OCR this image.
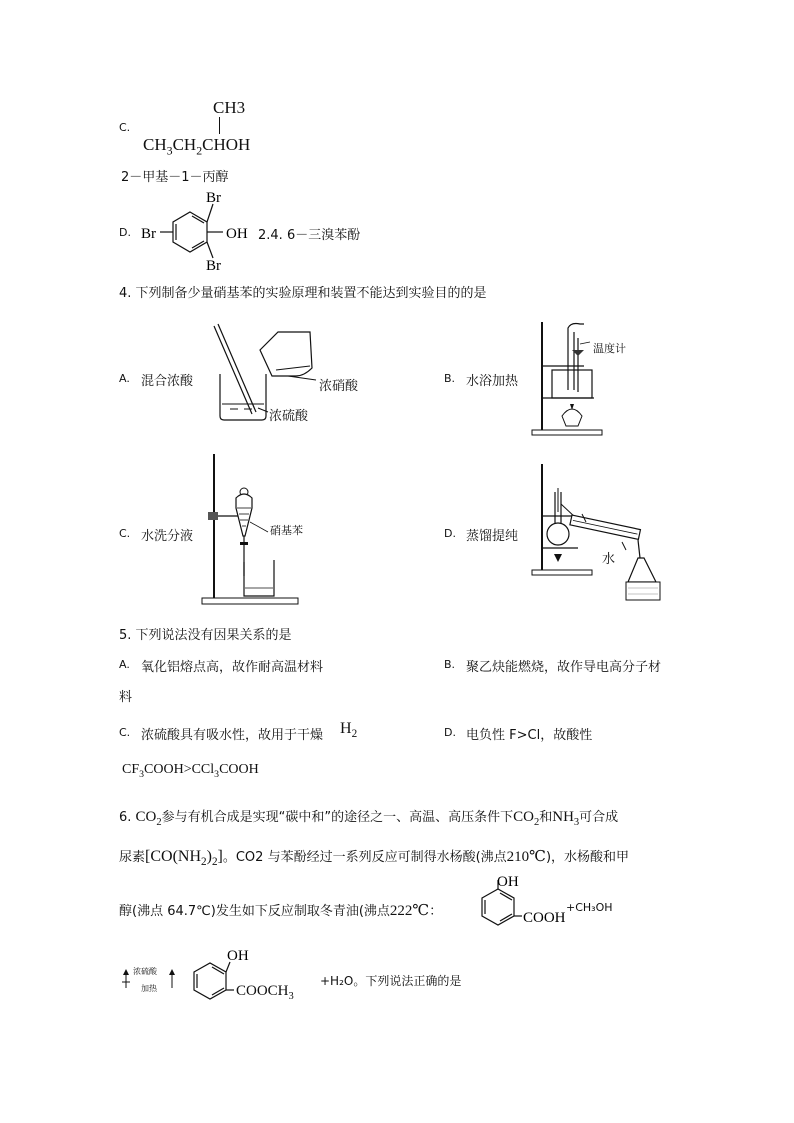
C.
CH3
$CH_3CH_2CHOH$
2－甲基－1－丙醇
D.
Br
Br	OH
Br
2.4. 6－三溴苯酚
4. 下列制备少量硝基苯的实验原理和装置不能达到实验目的的是
A. 混合浓酸	浓硝酸
浓硫酸
B. 水浴加热
温度计
C. 水洗分液	硝基苯	D. 蒸馏提纯
水
5. 下列说法没有因果关系的是
A. 氧化铝熔点高，故作耐高温材料	B. 聚乙炔能燃烧，故作导电高分子材
料
C. 浓硫酸具有吸水性，故用于干燥 $H_2$	D. 电负性 F>Cl，故酸性
$CF_3COOH>CCl_3COOH$
6. $CO_2$参与有机合成是实现“碳中和”的途径之一、高温、高压条件下$CO_2$和$NH_3$可合成
尿素$[CO(NH_2)_2]$。CO2 与苯酚经过一系列反应可制得水杨酸(沸点210℃)，水杨酸和甲
醇(沸点 64.7℃)发生如下反应制取冬青油(沸点222℃：
OH
COOH
+CH₃OH
浓硫酸
加热
OH
$COOCH_3$
+H₂O。下列说法正确的是
